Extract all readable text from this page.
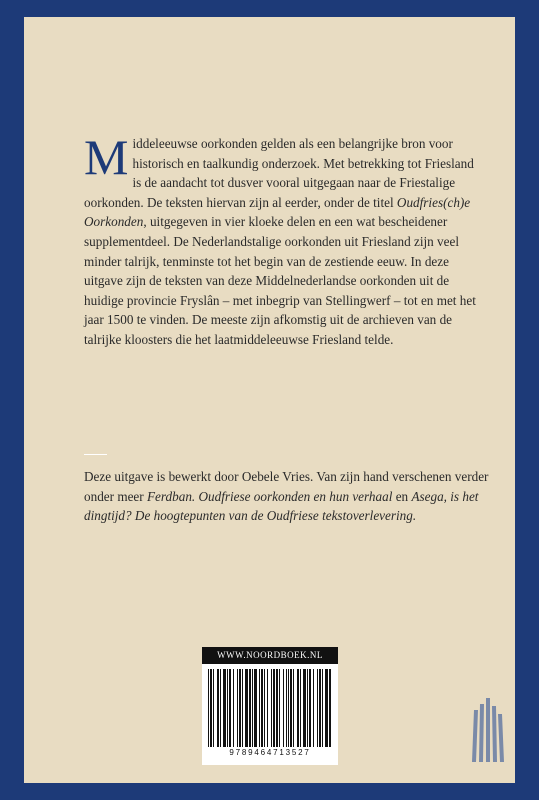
M iddeleeuwse oorkonden gelden als een belangrijke bron voor historisch en taalkundig onderzoek. Met betrekking tot Friesland is de aandacht tot dusver vooral uitgegaan naar de Friestalige oorkonden. De teksten hiervan zijn al eerder, onder de titel Oudfries(ch)e Oorkonden, uitgegeven in vier kloeke delen en een wat bescheidener supplementdeel. De Nederlandstalige oorkonden uit Friesland zijn veel minder talrijk, tenminste tot het begin van de zestiende eeuw. In deze uitgave zijn de teksten van deze Middelnederlandse oorkonden uit de huidige provincie Fryslân – met inbegrip van Stellingwerf – tot en met het jaar 1500 te vinden. De meeste zijn afkomstig uit de archieven van de talrijke kloosters die het laatmiddeleeuwse Friesland telde.
Deze uitgave is bewerkt door Oebele Vries. Van zijn hand verschenen verder onder meer Ferdban. Oudfriese oorkonden en hun verhaal en Asega, is het dingtijd? De hoogtepunten van de Oudfriese tekstoverlevering.
WWW.NOORDBOEK.NL
9789464713527
